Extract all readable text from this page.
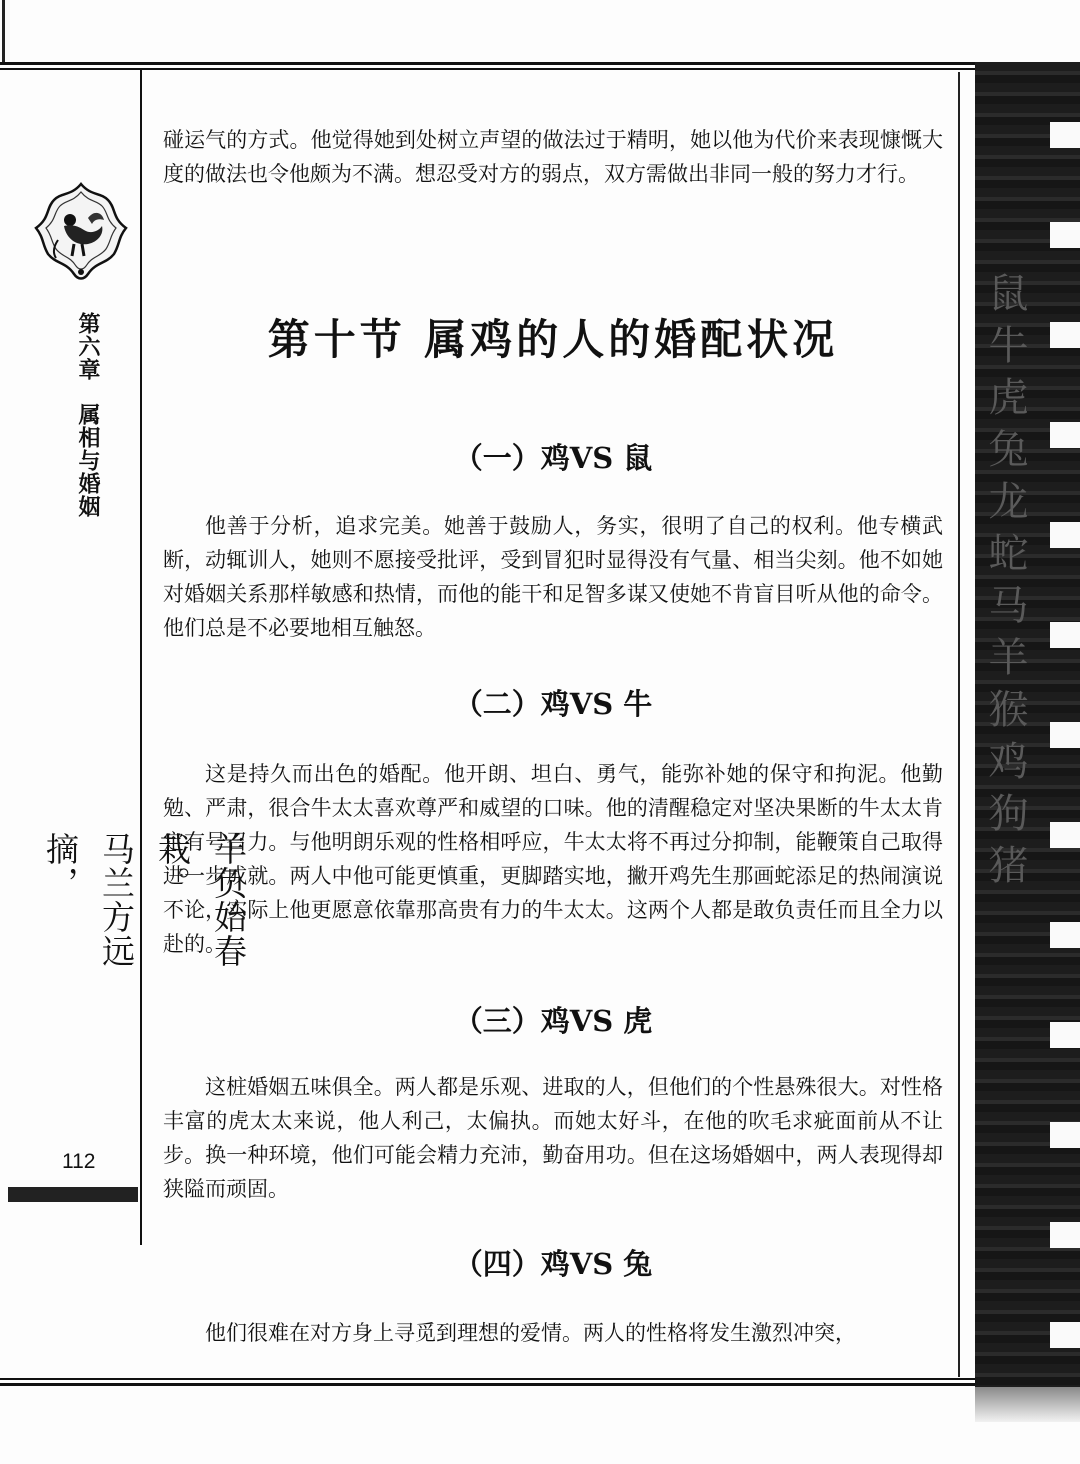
鼠牛虎兔龙蛇马羊猴鸡狗猪
第六章属相与婚姻
羊负始春栽。
马兰方远摘，
112

碰运气的方式。他觉得她到处树立声望的做法过于精明，她以他为代价来表现慷慨大度的做法也令他颇为不满。想忍受对方的弱点，双方需做出非同一般的努力才行。

第十节 属鸡的人的婚配状况
（一）鸡VS 鼠

他善于分析，追求完美。她善于鼓励人，务实，很明了自己的权利。他专横武断，动辄训人，她则不愿接受批评，受到冒犯时显得没有气量、相当尖刻。他不如她对婚姻关系那样敏感和热情，而他的能干和足智多谋又使她不肯盲目听从他的命令。他们总是不必要地相互触怒。

（二）鸡VS 牛

这是持久而出色的婚配。他开朗、坦白、勇气，能弥补她的保守和拘泥。他勤勉、严肃，很合牛太太喜欢尊严和威望的口味。他的清醒稳定对坚决果断的牛太太肯定有号召力。与他明朗乐观的性格相呼应，牛太太将不再过分抑制，能鞭策自己取得进一步成就。两人中他可能更慎重，更脚踏实地，撇开鸡先生那画蛇添足的热闹演说不论，实际上他更愿意依靠那高贵有力的牛太太。这两个人都是敢负责任而且全力以赴的。

（三）鸡VS 虎

这桩婚姻五味俱全。两人都是乐观、进取的人，但他们的个性悬殊很大。对性格丰富的虎太太来说，他人利己，太偏执。而她太好斗，在他的吹毛求疵面前从不让步。换一种环境，他们可能会精力充沛，勤奋用功。但在这场婚姻中，两人表现得却狭隘而顽固。

（四）鸡VS 兔

他们很难在对方身上寻觅到理想的爱情。两人的性格将发生激烈冲突，
